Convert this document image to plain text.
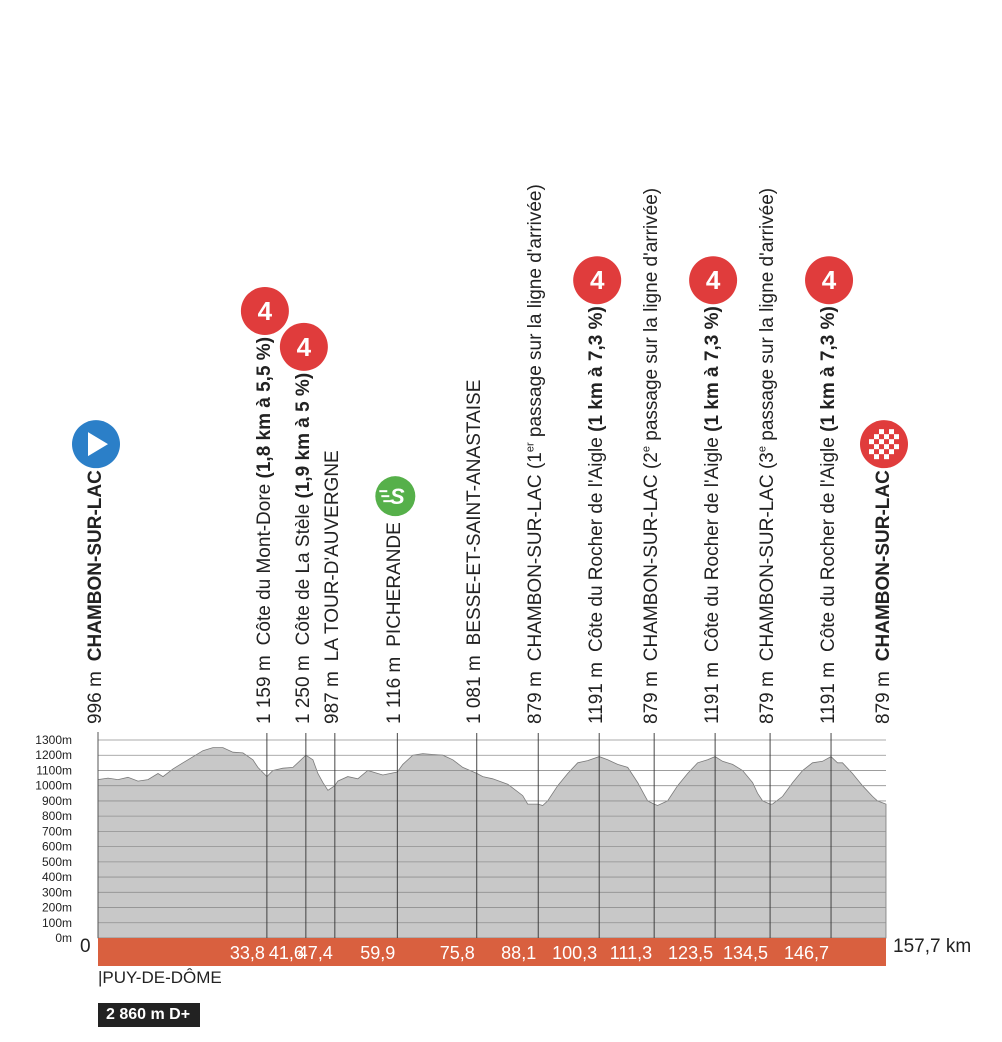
0m
100m
200m
300m
400m
500m
600m
700m
800m
900m
1000m
1100m
1200m
1300m
33,8 41,6
47,4 59,9 75,8 88,1 100,3 111,3 123,5 134,5 146,7
4
4
S
4	4	4
0	157,7 km
|PUY-DE-DÔME
2 860 m D+
996 mCHAMBON-SUR-LAC
1 159 mCôte du Mont-Dore (1,8 km à 5,5 %)
1 250 mCôte de La Stèle (1,9 km à 5 %)
987 mLA TOUR-D'AUVERGNE
1 116 mPICHERANDE
1 081 mBESSE-ET-SAINT-ANASTAISE
879 mCHAMBON-SUR-LAC (1er passage sur la ligne d'arrivée)
1191 mCôte du Rocher de l'Aigle (1 km à 7,3 %)
879 mCHAMBON-SUR-LAC (2e passage sur la ligne d'arrivée)
1191 mCôte du Rocher de l'Aigle (1 km à 7,3 %)
879 mCHAMBON-SUR-LAC (3e passage sur la ligne d'arrivée)
1191 mCôte du Rocher de l'Aigle (1 km à 7,3 %)
879 mCHAMBON-SUR-LAC
